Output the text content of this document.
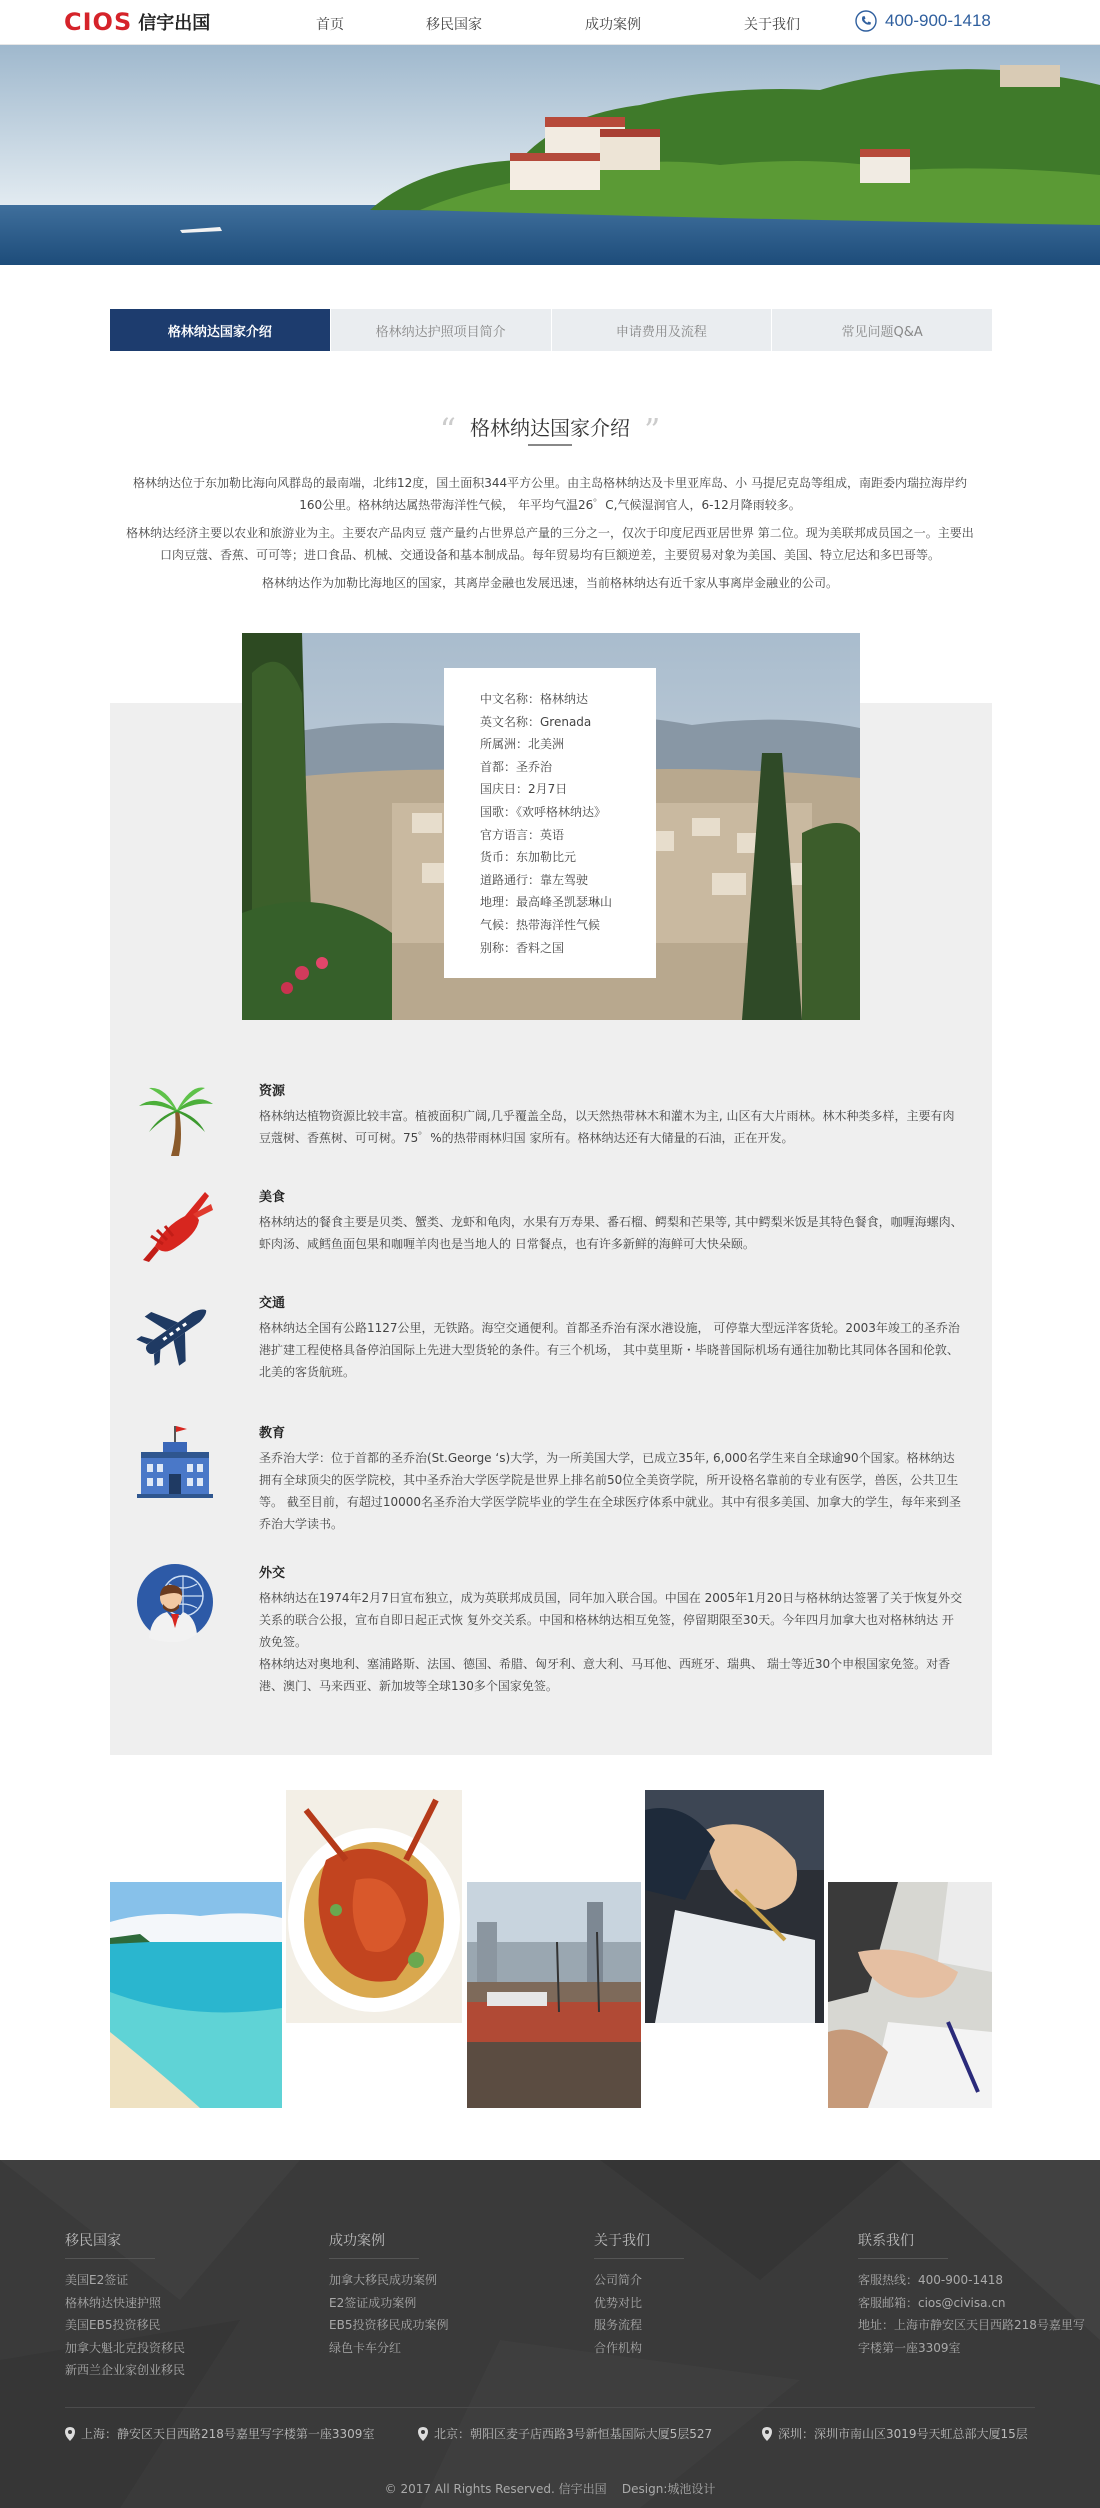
CIOS 信宇出国	首页	移民国家	成功案例	关于我们	400-900-1418
格林纳达国家介绍	格林纳达护照项目简介	申请费用及流程	常见问题Q&A
“ 格林纳达国家介绍 ”

格林纳达位于东加勒比海向风群岛的最南端，北纬12度，国土面积344平方公里。由主岛格林纳达及卡里亚库岛、小 马提尼克岛等组成，南距委内瑞拉海岸约160公里。格林纳达属热带海洋性气候， 年平均气温26゜C,气候湿润官人，6-12月降雨较多。

格林纳达经济主要以农业和旅游业为主。主要农产品肉豆 蔻产量约占世界总产量的三分之一，仅次于印度尼西亚居世界 第二位。现为美联邦成员国之一。主要出口肉豆蔻、香蕉、可可等；进口食品、机械、交通设备和基本制成品。每年贸易均有巨额逆差，主要贸易对象为美国、美国、特立尼达和多巴哥等。

格林纳达作为加勒比海地区的国家，其离岸金融也发展迅速，当前格林纳达有近千家从事离岸金融业的公司。

中文名称：格林纳达
英文名称：Grenada
所属洲：北美洲
首都：圣乔治
国庆日：2月7日
国歌：《欢呼格林纳达》
官方语言：英语
货币：东加勒比元
道路通行：靠左驾驶
地理：最高峰圣凯瑟琳山
气候：热带海洋性气候
别称：香料之国
资源
格林纳达植物资源比较丰富。植被面积广阔,几乎覆盖全岛，以天然热带林木和灌木为主, 山区有大片雨林。林木种类多样，主要有肉豆蔻树、香蕉树、可可树。75゜%的热带雨林归国 家所有。格林纳达还有大储量的石油，正在开发。
美食
格林纳达的餐食主要是贝类、蟹类、龙虾和龟肉，水果有万寿果、番石榴、鳄梨和芒果等, 其中鳄梨米饭是其特色餐食，咖喱海螺肉、虾肉汤、咸鳕鱼面包果和咖喱羊肉也是当地人的 日常餐点，也有许多新鲜的海鲜可大快朵颐。
交通
格林纳达全国有公路1127公里，无铁路。海空交通便利。首都圣乔治有深水港设施， 可停靠大型远洋客货轮。2003年竣工的圣乔治港扩建工程使格具备停泊国际上先进大型货轮的条件。有三个机场， 其中莫里斯・毕晓普国际机场有通往加勒比其同体各国和伦敦、北美的客货航班。
教育
圣乔治大学：位于首都的圣乔治(St.George ‘s)大学，为一所美国大学，已成立35年, 6,000名学生来自全球逾90个国家。格林纳达拥有全球顶尖的医学院校，其中圣乔治大学医学院是世界上排名前50位全美资学院，所开设格名靠前的专业有医学，兽医，公共卫生等。 截至目前，有超过10000名圣乔治大学医学院毕业的学生在全球医疗体系中就业。其中有很多美国、加拿大的学生，每年来到圣乔治大学读书。
外交
格林纳达在1974年2月7日宣布独立，成为英联邦成员国，同年加入联合国。中国在 2005年1月20日与格林纳达签署了关于恢复外交关系的联合公报，宣布自即日起正式恢 复外交关系。中国和格林纳达相互免签，停留期限至30天。今年四月加拿大也对格林纳达 开放免签。
格林纳达对奥地利、塞浦路斯、法国、德国、希腊、匈牙利、意大利、马耳他、西班牙、瑞典、 瑞士等近30个申根国家免签。对香港、澳门、马来西亚、新加坡等全球130多个国家免签。
移民国家
美国E2签证
格林纳达快速护照
美国EB5投资移民
加拿大魁北克投资移民
新西兰企业家创业移民
成功案例
加拿大移民成功案例
E2签证成功案例
EB5投资移民成功案例
绿色卡车分红
关于我们
公司简介
优势对比
服务流程
合作机构
联系我们
客服热线：400-900-1418
客服邮箱：cios@civisa.cn
地址：上海市静安区天目西路218号嘉里写
字楼第一座3309室
上海：静安区天目西路218号嘉里写字楼第一座3309室	北京：朝阳区麦子店西路3号新恒基国际大厦5层527	深圳：深圳市南山区3019号天虹总部大厦15层
© 2017 All Rights Reserved. 信宇出国    Design:城池设计
